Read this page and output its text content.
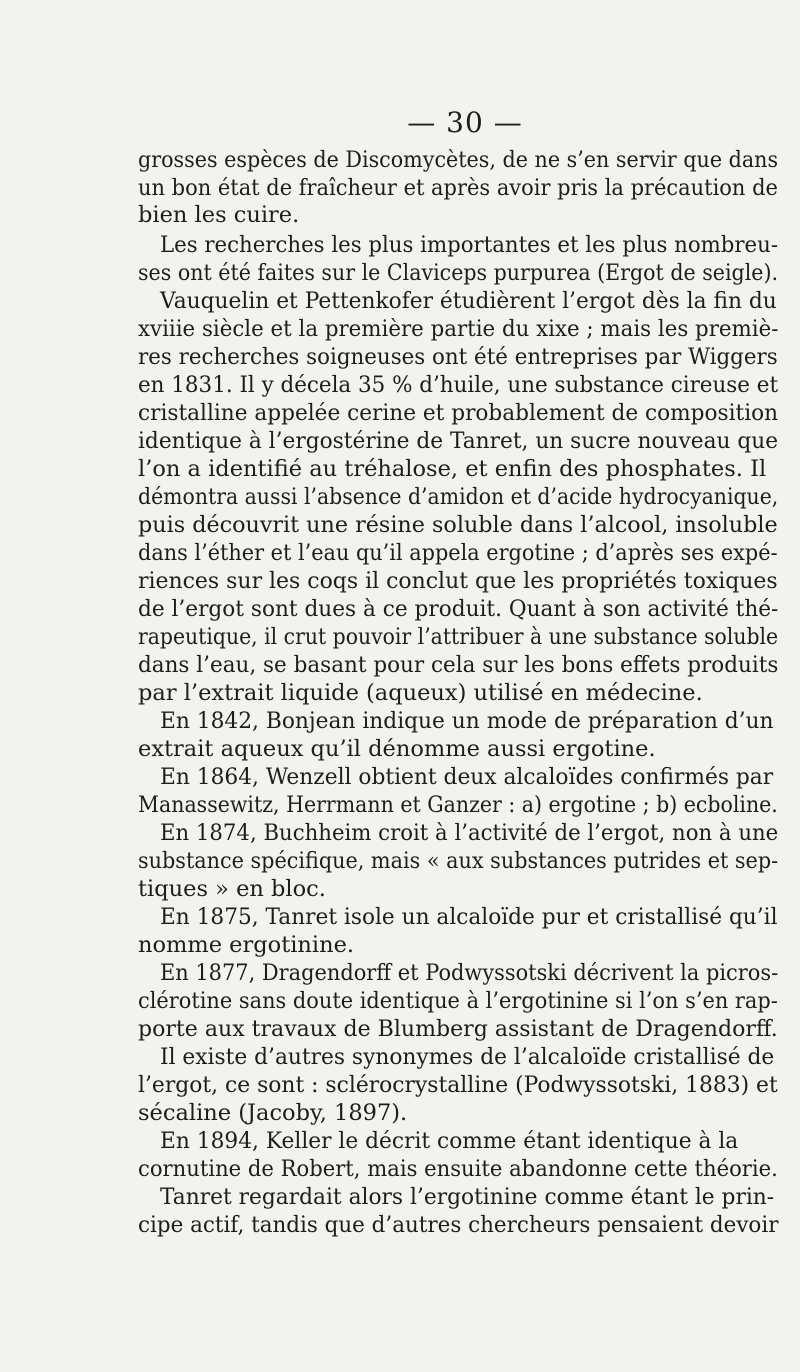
— 30 —
grosses espèces de Discomycètes, de ne s’en servir que dans
un bon état de fraîcheur et après avoir pris la précaution de
bien les cuire.
Les recherches les plus importantes et les plus nombreu-
ses ont été faites sur le Claviceps purpurea (Ergot de seigle).
Vauquelin et Pettenkofer étudièrent l’ergot dès la fin du
xviiie siècle et la première partie du xixe ; mais les premiè-
res recherches soigneuses ont été entreprises par Wiggers
en 1831. Il y décela 35 % d’huile, une substance cireuse et
cristalline appelée cerine et probablement de composition
identique à l’ergostérine de Tanret, un sucre nouveau que
l’on a identifié au tréhalose, et enfin des phosphates. Il
démontra aussi l’absence d’amidon et d’acide hydrocyanique,
puis découvrit une résine soluble dans l’alcool, insoluble
dans l’éther et l’eau qu’il appela ergotine ; d’après ses expé-
riences sur les coqs il conclut que les propriétés toxiques
de l’ergot sont dues à ce produit. Quant à son activité thé-
rapeutique, il crut pouvoir l’attribuer à une substance soluble
dans l’eau, se basant pour cela sur les bons effets produits
par l’extrait liquide (aqueux) utilisé en médecine.
En 1842, Bonjean indique un mode de préparation d’un
extrait aqueux qu’il dénomme aussi ergotine.
En 1864, Wenzell obtient deux alcaloïdes confirmés par
Manassewitz, Herrmann et Ganzer : a) ergotine ; b) ecboline.
En 1874, Buchheim croit à l’activité de l’ergot, non à une
substance spécifique, mais « aux substances putrides et sep-
tiques » en bloc.
En 1875, Tanret isole un alcaloïde pur et cristallisé qu’il
nomme ergotinine.
En 1877, Dragendorff et Podwyssotski décrivent la picros-
clérotine sans doute identique à l’ergotinine si l’on s’en rap-
porte aux travaux de Blumberg assistant de Dragendorff.
Il existe d’autres synonymes de l’alcaloïde cristallisé de
l’ergot, ce sont : sclérocrystalline (Podwyssotski, 1883) et
sécaline (Jacoby, 1897).
En 1894, Keller le décrit comme étant identique à la
cornutine de Robert, mais ensuite abandonne cette théorie.
Tanret regardait alors l’ergotinine comme étant le prin-
cipe actif, tandis que d’autres chercheurs pensaient devoir
